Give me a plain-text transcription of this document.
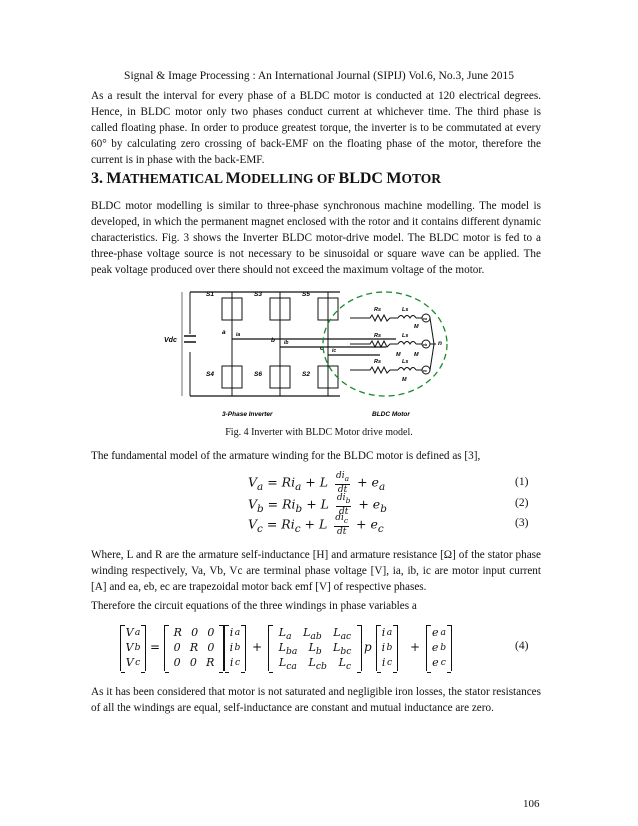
Signal & Image Processing : An International Journal (SIPIJ) Vol.6, No.3, June 2015

As a result the interval for every phase of a BLDC motor is conducted at 120 electrical degrees. Hence, in BLDC motor only two phases conduct current at whichever time. The third phase is called floating phase. In order to produce greatest torque, the inverter is to be commutated at every 60° by calculating zero crossing of back-EMF on the floating phase of the motor, therefore the current is in phase with the back-EMF.

3. MATHEMATICAL MODELLING OF BLDC MOTOR

BLDC motor modelling is similar to three-phase synchronous machine modelling. The model is developed, in which the permanent magnet enclosed with the rotor and it contains different dynamic characteristics. Fig. 3 shows the Inverter BLDC motor-drive model. The BLDC motor is fed to a three-phase voltage source is not necessary to be sinusoidal or square wave can be applied. The peak voltage produced over there should not exceed the maximum voltage of the motor.

Vdc
S1	S3	S5
S4	S6	S2
a
b
c
n
ia
ib
ic
Rs
Rs
Rs
Ls
Ls
Ls
M
M M
M
ea
eb
ec
3-Phase Inverter	BLDC Motor
Fig. 4 Inverter with BLDC Motor drive model.

The fundamental model of the armature winding for the BLDC motor is defined as [3],

$V_a = Ri_a + L \frac{di_a}{dt} + e_a$	(1)
$V_b = Ri_b + L \frac{di_b}{dt} + e_b$	(2)
$V_c = Ri_c + L \frac{di_c}{dt} + e_c$	(3)

Where, L and R are the armature self-inductance [H] and armature resistance [Ω] of the stator phase winding respectively, Va, Vb, Vc are terminal phase voltage [V], ia, ib, ic are motor input current [A] and ea, eb, ec are trapezoidal motor back emf [V] of respective phases.

Therefore the circuit equations of the three windings in phase variables a

V a
V b
V c
=
R 0 0
0 R 0
0 0 R
i a
i b
i c
+
$L_a$ $L_{ab}$ $L_{ac}$
$L_{ba}$ $L_b$ $L_{bc}$
$L_{ca}$ $L_{cb}$ $L_c$
p
i a
i b
i c
+
e a
e b
e c
(4)

As it has been considered that motor is not saturated and negligible iron losses, the stator resistances of all the windings are equal, self-inductance are constant and mutual inductance are zero.

106
